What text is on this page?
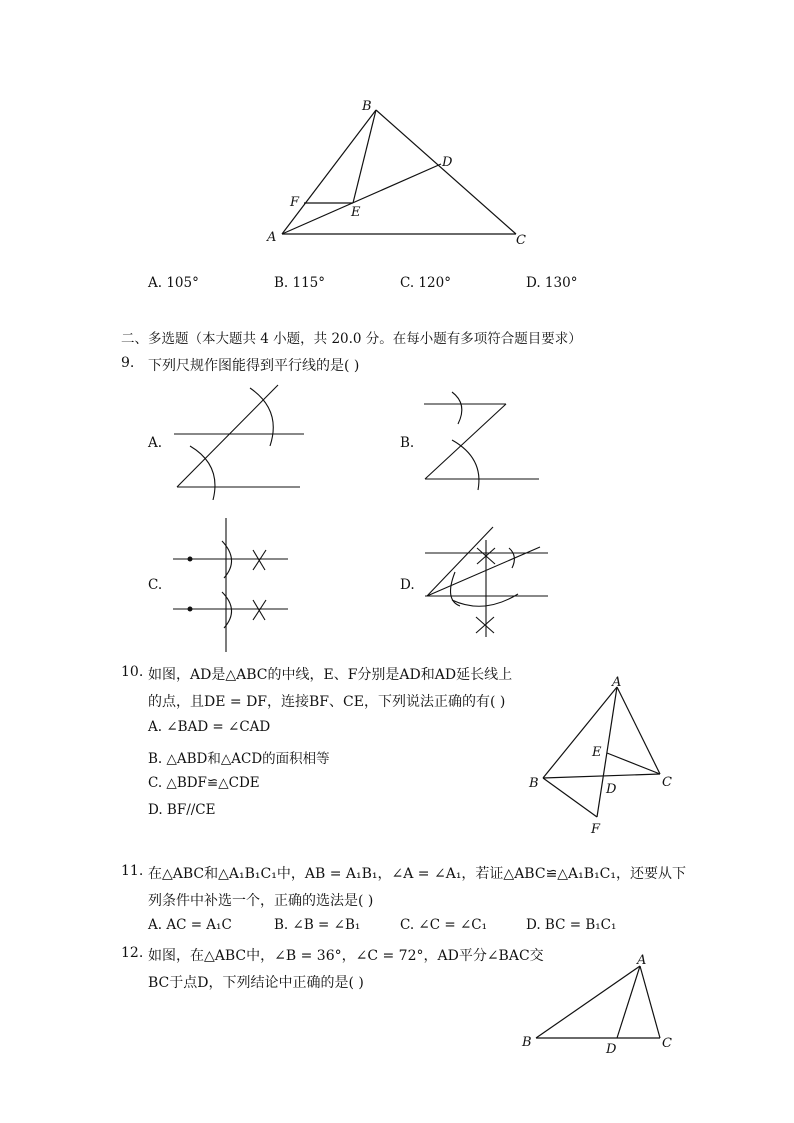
B
D
F
E
A	C
A. 105°	B. 115°	C. 120°	D. 130°
二、多选题（本大题共 4 小题，共 20.0 分。在每小题有多项符合题目要求）
9. 下列尺规作图能得到平行线的是( )
A.	B.
C.	D.
10. 如图，AD是△ABC的中线，E、F分别是AD和AD延长线上
的点，且DE = DF，连接BF、CE，下列说法正确的有( )
A. ∠BAD = ∠CAD
B. △ABD和△ACD的面积相等
C. △BDF≌△CDE
D. BF//CE
A
E
B	C
D
F
11. 在△ABC和△A₁B₁C₁中，AB = A₁B₁，∠A = ∠A₁，若证△ABC≌△A₁B₁C₁，还要从下
列条件中补选一个，正确的选法是( )
A. AC = A₁C	B. ∠B = ∠B₁	C. ∠C = ∠C₁	D. BC = B₁C₁
12. 如图，在△ABC中，∠B = 36°，∠C = 72°，AD平分∠BAC交
BC于点D，下列结论中正确的是( )
A
B	D	C
